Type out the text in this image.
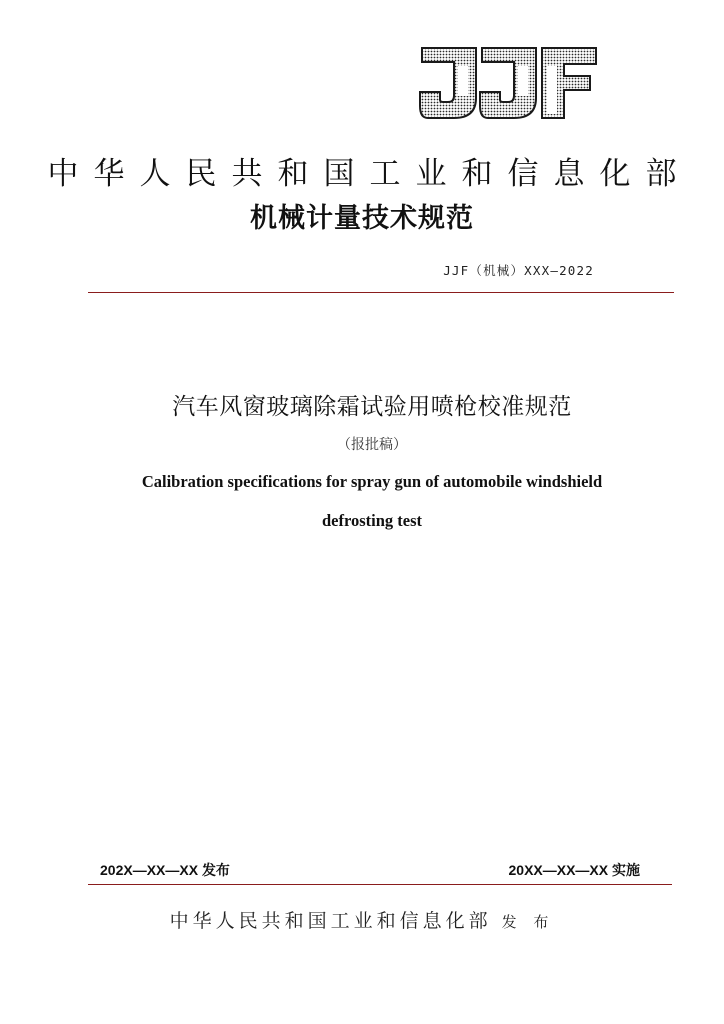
中华人民共和国工业和信息化部
机械计量技术规范
JJF（机械）XXX—2022
汽车风窗玻璃除霜试验用喷枪校准规范
（报批稿）
Calibration specifications for spray gun of automobile windshield
defrosting test
202X—XX—XX 发布	20XX—XX—XX 实施
中华人民共和国工业和信息化部 发 布
